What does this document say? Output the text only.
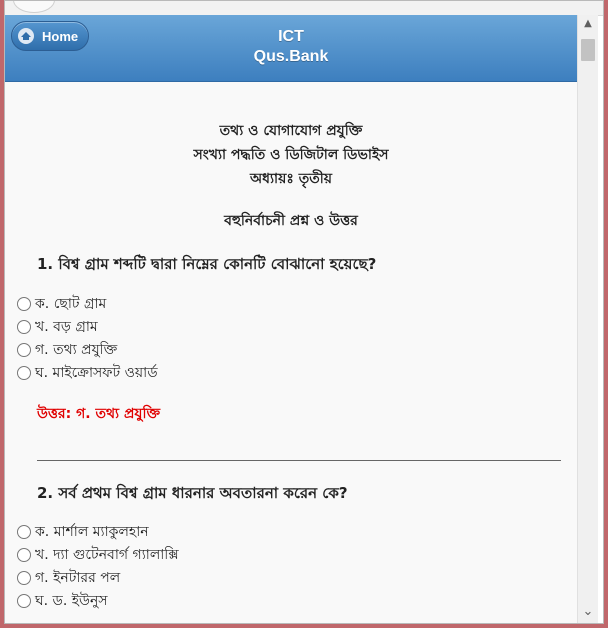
Home	ICT
Qus.Bank
▲
⌄
তথ্য ও যোগাযোগ প্রযুক্তি
সংখ্যা পদ্ধতি ও ডিজিটাল ডিভাইস
অধ্যায়ঃ তৃতীয়
বহুনির্বাচনী প্রশ্ন ও উত্তর
1. বিশ্ব গ্রাম শব্দটি দ্বারা নিম্নের কোনটি বোঝানো হয়েছে?
ক. ছোট গ্রাম
খ. বড় গ্রাম
গ. তথ্য প্রযুক্তি
ঘ. মাইক্রোসফট ওয়ার্ড
উত্তর: গ. তথ্য প্রযুক্তি
2. সর্ব প্রথম বিশ্ব গ্রাম ধারনার অবতারনা করেন কে?
ক. মার্শাল ম্যাকুলহান
খ. দ্যা গুটেনবার্গ গ্যালাক্সি
গ. ইনটারর পল
ঘ. ড. ইউনুস
